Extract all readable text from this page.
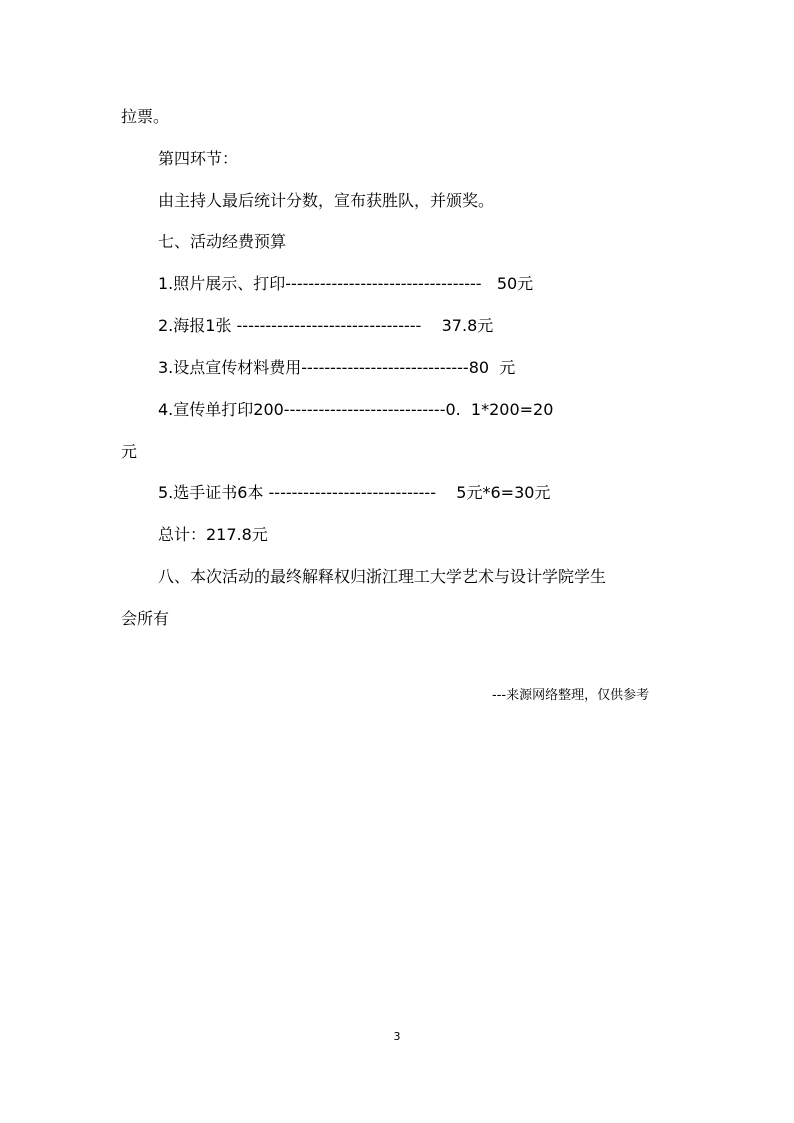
拉票。
第四环节：
由主持人最后统计分数，宣布获胜队，并颁奖。
七、活动经费预算
1.照片展示、打印----------------------------------   50元
2.海报1张 --------------------------------    37.8元
3.设点宣传材料费用-----------------------------80  元
4.宣传单打印200----------------------------0.  1*200=20
元
5.选手证书6本 -----------------------------    5元*6=30元
总计：217.8元
八、本次活动的最终解释权归浙江理工大学艺术与设计学院学生
会所有
---来源网络整理，仅供参考
3
